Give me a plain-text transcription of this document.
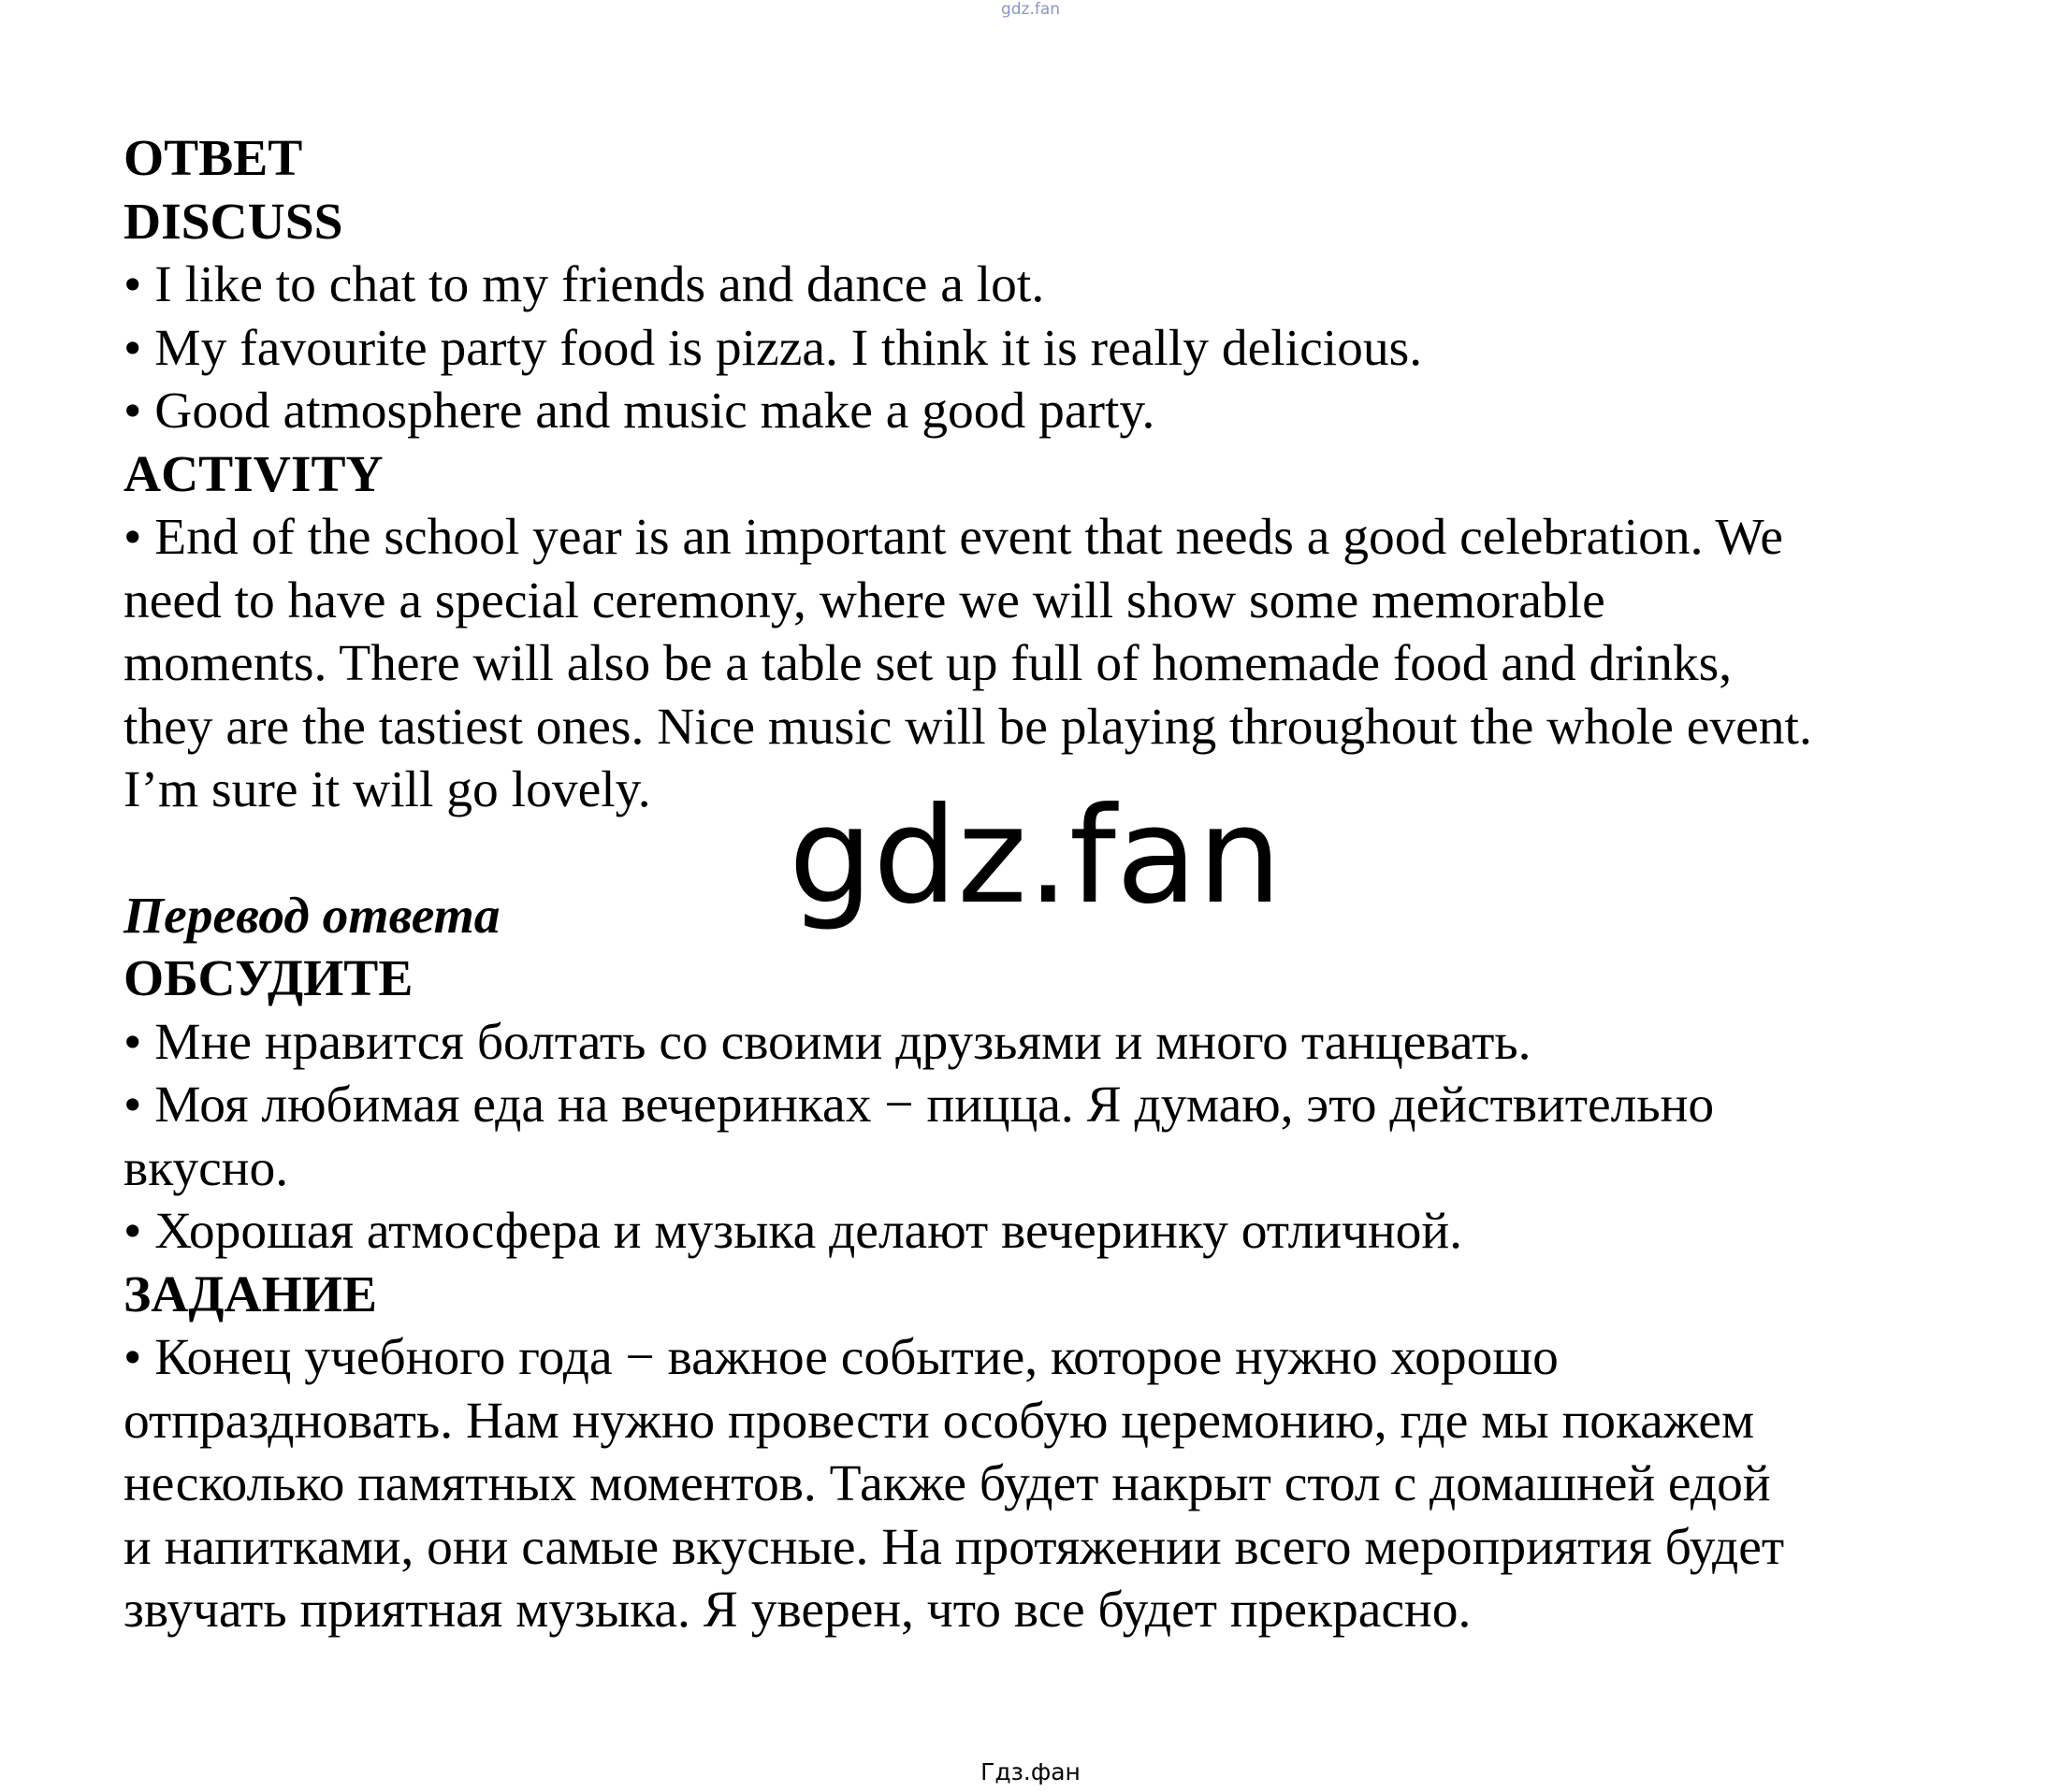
gdz.fan

ОТВЕТ

DISCUSS

• I like to chat to my friends and dance a lot.

• My favourite party food is pizza. I think it is really delicious.

• Good atmosphere and music make a good party.

ACTIVITY

• End of the school year is an important event that needs a good celebration. We

need to have a special ceremony, where we will show some memorable

moments. There will also be a table set up full of homemade food and drinks,

they are the tastiest ones. Nice music will be playing throughout the whole event.

I’m sure it will go lovely.

Перевод ответа

ОБСУДИТЕ

• Мне нравится болтать со своими друзьями и много танцевать.

• Моя любимая еда на вечеринках − пицца. Я думаю, это действительно

вкусно.

• Хорошая атмосфера и музыка делают вечеринку отличной.

ЗАДАНИЕ

• Конец учебного года − важное событие, которое нужно хорошо

отпраздновать. Нам нужно провести особую церемонию, где мы покажем

несколько памятных моментов. Также будет накрыт стол с домашней едой

и напитками, они самые вкусные. На протяжении всего мероприятия будет

звучать приятная музыка. Я уверен, что все будет прекрасно.

gdz.fan
Гдз.фан
